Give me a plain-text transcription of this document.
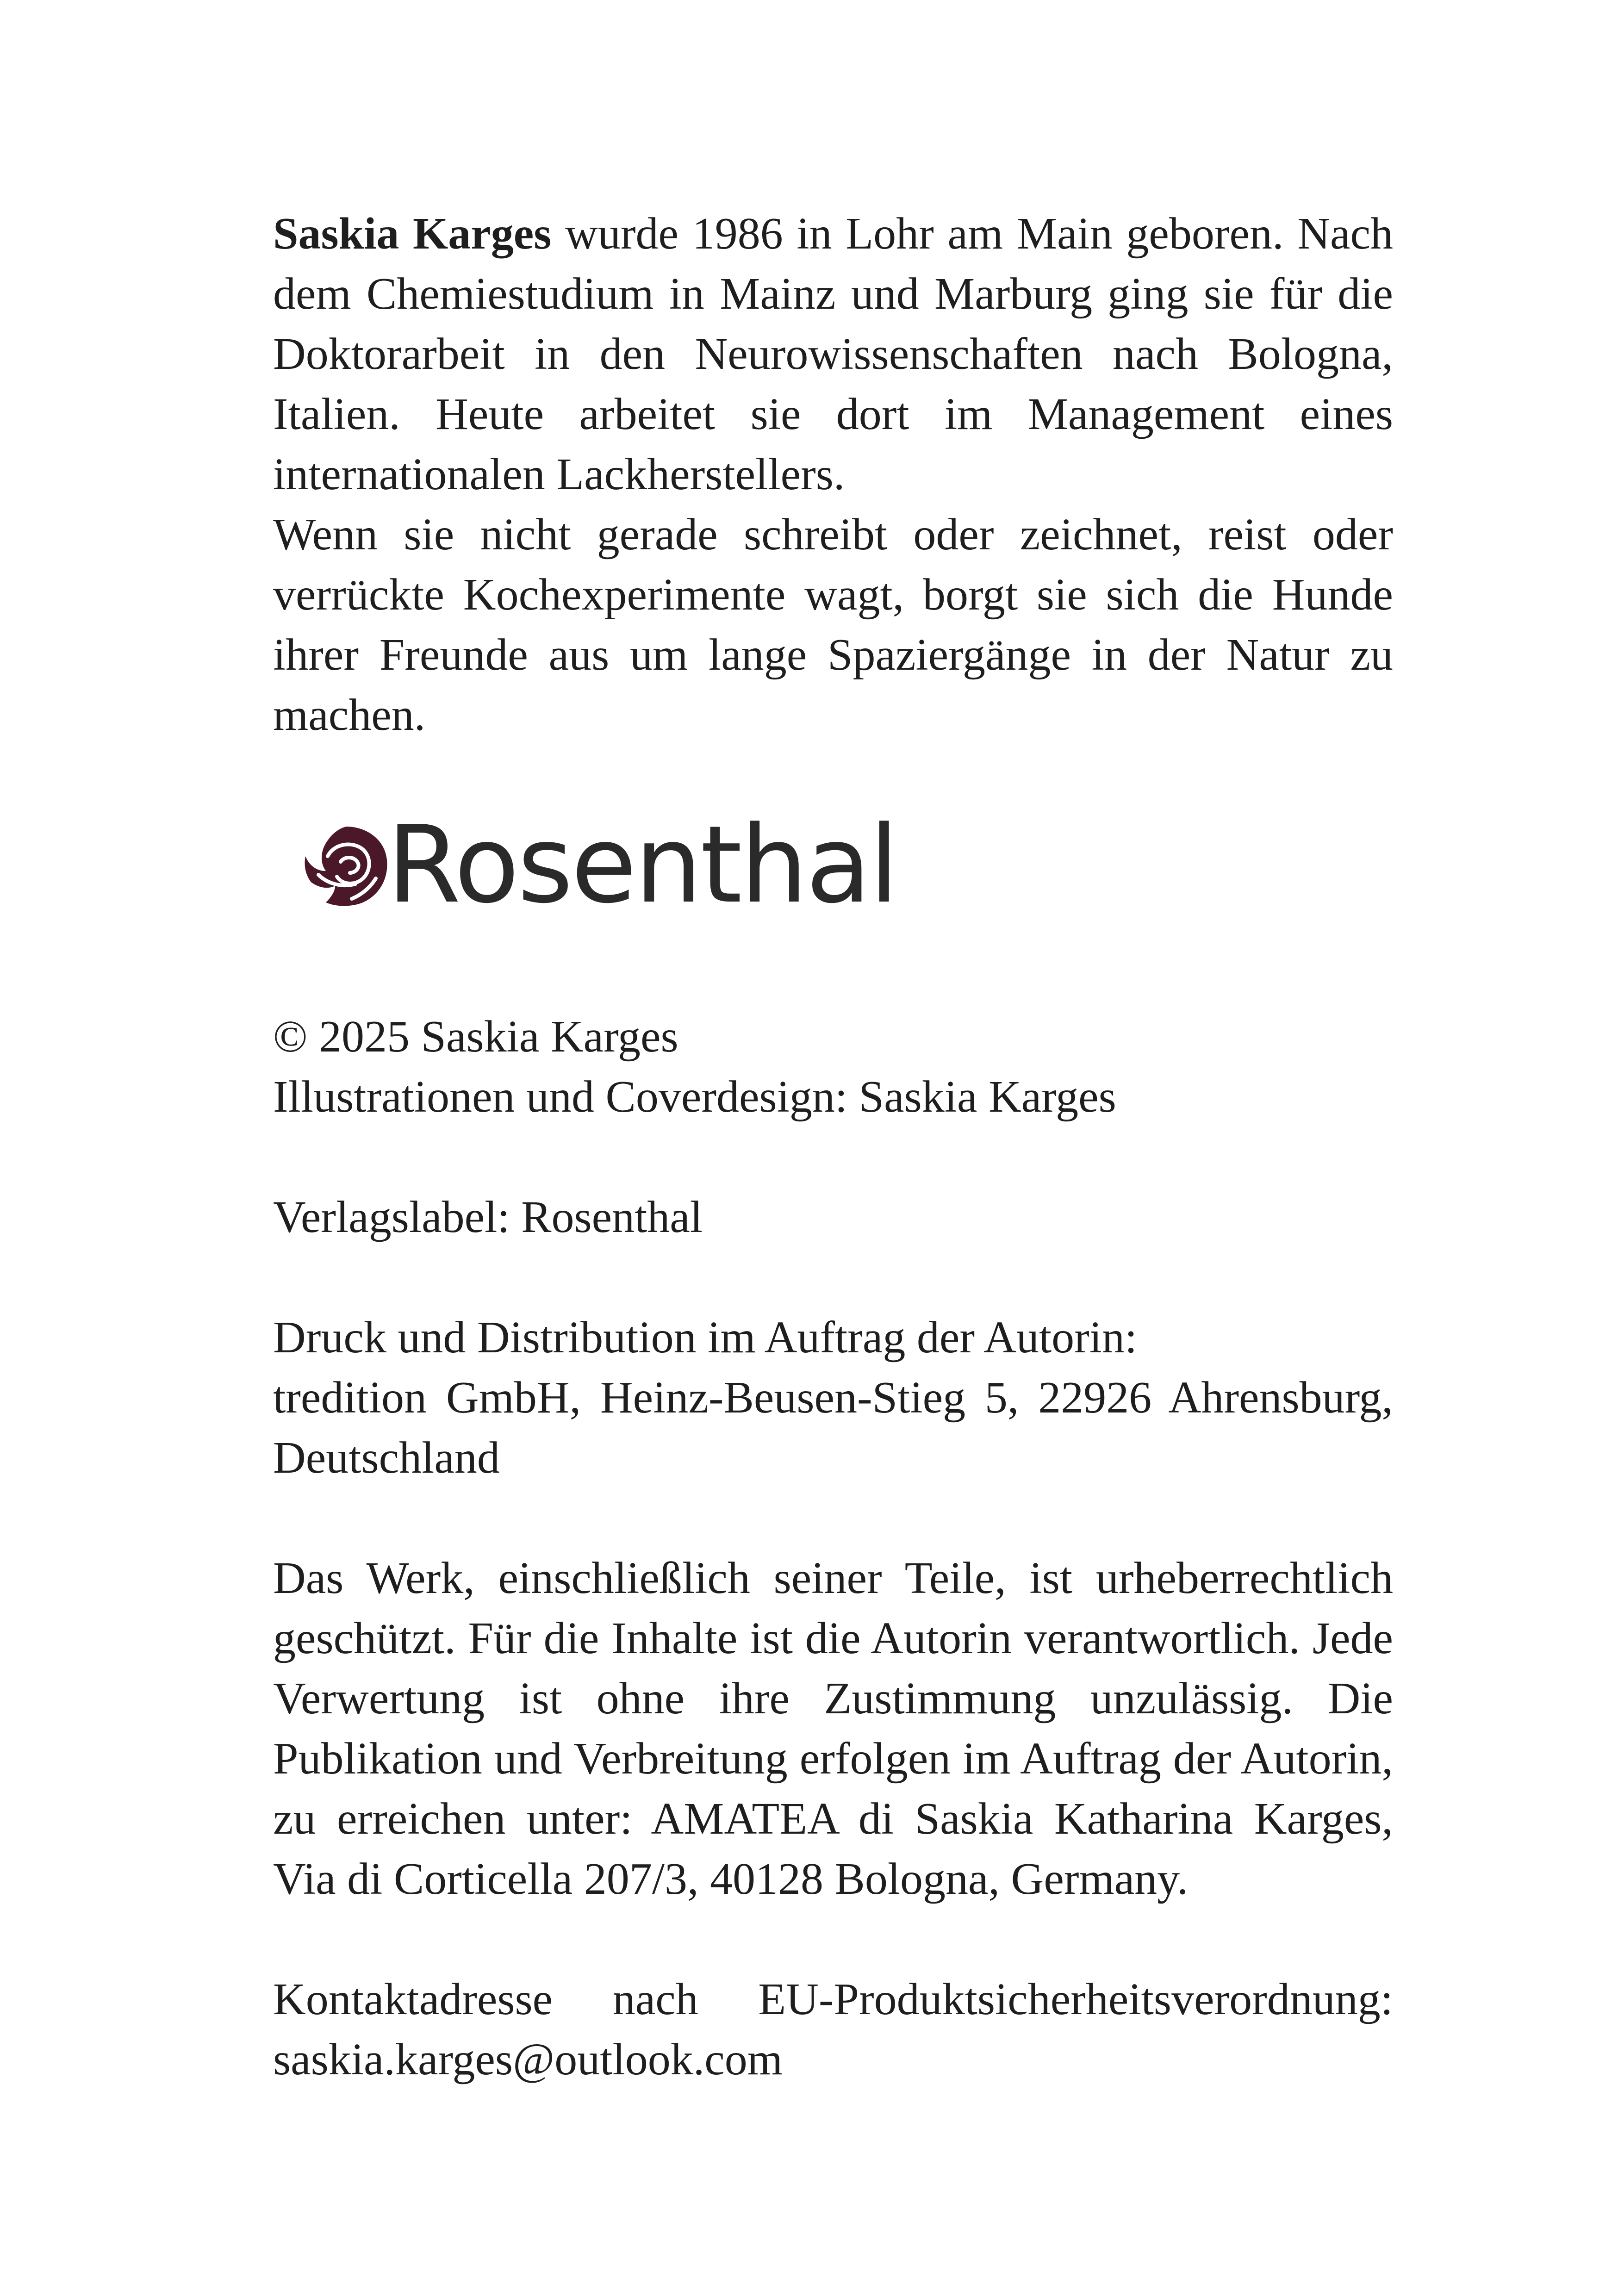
Saskia Karges wurde 1986 in Lohr am Main geboren. Nach dem Chemiestudium in Mainz und Marburg ging sie für die Doktorarbeit in den Neurowissenschaften nach Bologna, Italien. Heute arbeitet sie dort im Management eines internationalen Lackherstellers.

Wenn sie nicht gerade schreibt oder zeichnet, reist oder verrückte Kochexperimente wagt, borgt sie sich die Hunde ihrer Freunde aus um lange Spaziergänge in der Natur zu machen.

Rosenthal
© 2025 Saskia Karges
Illustrationen und Coverdesign: Saskia Karges
Verlagslabel: Rosenthal
Druck und Distribution im Auftrag der Autorin:

tredition GmbH, Heinz-Beusen-Stieg 5, 22926 Ahrensburg, Deutschland

Das Werk, einschließlich seiner Teile, ist urheberrechtlich geschützt. Für die Inhalte ist die Autorin verantwortlich. Jede Verwertung ist ohne ihre Zustimmung unzulässig. Die Publikation und Verbreitung erfolgen im Auftrag der Autorin, zu erreichen unter: AMATEA di Saskia Katharina Karges, Via di Corticella 207/3, 40128 Bologna, Germany.

Kontaktadresse nach EU-Produktsicherheitsverordnung:

saskia.karges@outlook.com
